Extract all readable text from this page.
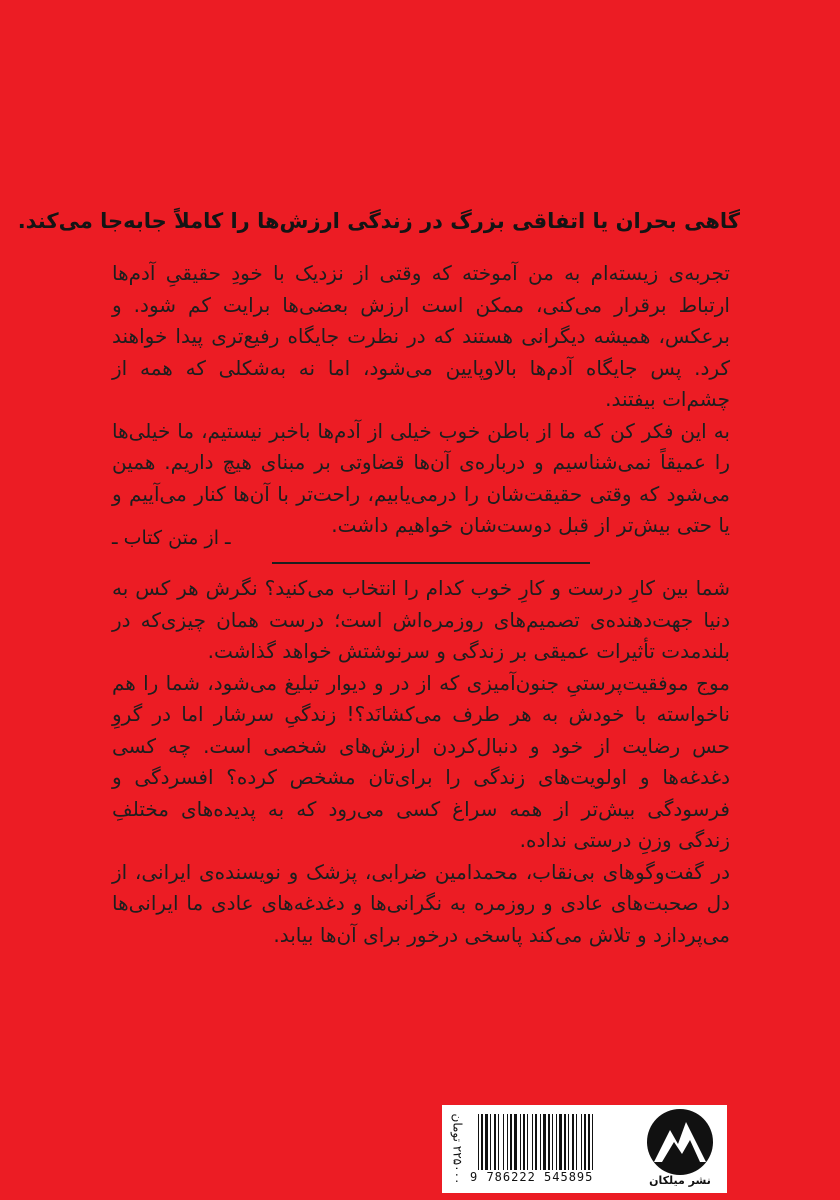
گاهی بحران یا اتفاقی بزرگ در زندگی ارزش‌ها را کاملاً جابه‌جا می‌کند.

تجربه‌ی زیسته‌ام به من آموخته که وقتی از نزدیک با خودِ حقیقیِ آدم‌ها ارتباط برقرار می‌کنی، ممکن است ارزش بعضی‌ها برایت کم شود. و برعکس، همیشه دیگرانی هستند که در نظرت جایگاه رفیع‌تری پیدا خواهند کرد. پس جایگاه آدم‌ها بالاوپایین می‌شود، اما نه به‌شکلی که همه از چشم‌ات بیفتند.

به این فکر کن که ما از باطن خوب خیلی از آدم‌ها باخبر نیستیم، ما خیلی‌ها را عمیقاً نمی‌شناسیم و درباره‌ی آن‌ها قضاوتی بر مبنای هیچ داریم. همین می‌شود که وقتی حقیقت‌شان را درمی‌یابیم، راحت‌تر با آن‌ها کنار می‌آییم و یا حتی بیش‌تر از قبل دوست‌شان خواهیم داشت.

ـ از متن کتاب ـ

شما بین کارِ درست و کارِ خوب کدام را انتخاب می‌کنید؟ نگرش هر کس به دنیا جهت‌دهنده‌ی تصمیم‌های روزمره‌اش است؛ درست همان چیزی‌که در بلندمدت تأثیرات عمیقی بر زندگی و سرنوشتش خواهد گذاشت.

موج موفقیت‌پرستیِ جنون‌آمیزی که از در و دیوار تبلیغ می‌شود، شما را هم ناخواسته با خودش به هر طرف می‌کشانَد؟! زندگیِ سرشار اما در گروِ حس رضایت از خود و دنبال‌کردن ارزش‌های شخصی است. چه کسی دغدغه‌ها و اولویت‌های زندگی را برای‌تان مشخص کرده؟ افسردگی و فرسودگی بیش‌تر از همه سراغ کسی می‌رود که به پدیده‌های مختلفِ زندگی وزنِ درستی نداده.

در گفت‌وگوهای بی‌نقاب، محمدامین ضرابی، پزشک و نویسنده‌ی ایرانی، از دل صحبت‌های عادی و روزمره به نگرانی‌ها و دغدغه‌های عادی ما ایرانی‌ها می‌پردازد و تلاش می‌کند پاسخی درخور برای آن‌ها بیابد.

۲۲۵۰۰۰ تومان 9 786222 545895	نشر میلکان
